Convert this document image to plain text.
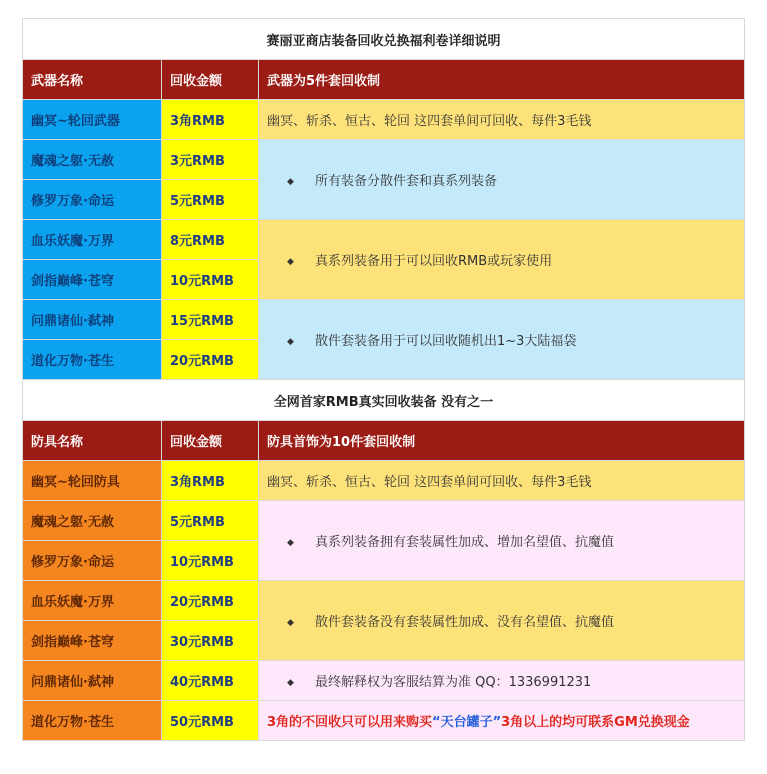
赛丽亚商店装备回收兑换福利卷详细说明		
武器名称	回收金额	武器为5件套回收制
幽冥~轮回武器	3角RMB	幽冥、斩杀、恒古、轮回 这四套单间可回收、每件3毛钱
魔魂之躯·无赦	3元RMB	◆ 所有装备分散件套和真系列装备
修罗万象·命运	5元RMB	
血乐妖魔·万界	8元RMB	◆ 真系列装备用于可以回收RMB或玩家使用
剑指巅峰·苍穹	10元RMB	
问鼎诸仙·弑神	15元RMB	◆ 散件套装备用于可以回收随机出1~3大陆福袋
道化万物·苍生	20元RMB	
全网首家RMB真实回收装备 没有之一		
防具名称	回收金额	防具首饰为10件套回收制
幽冥~轮回防具	3角RMB	幽冥、斩杀、恒古、轮回 这四套单间可回收、每件3毛钱
魔魂之躯·无赦	5元RMB	◆ 真系列装备拥有套装属性加成、增加名望值、抗魔值
修罗万象·命运	10元RMB	
血乐妖魔·万界	20元RMB	◆ 散件套装备没有套装属性加成、没有名望值、抗魔值
剑指巅峰·苍穹	30元RMB	
问鼎诸仙·弑神	40元RMB	◆ 最终解释权为客服结算为准 QQ：1336991231
道化万物·苍生	50元RMB	3角的不回收只可以用来购买“天台罐子”3角以上的均可联系GM兑换现金
